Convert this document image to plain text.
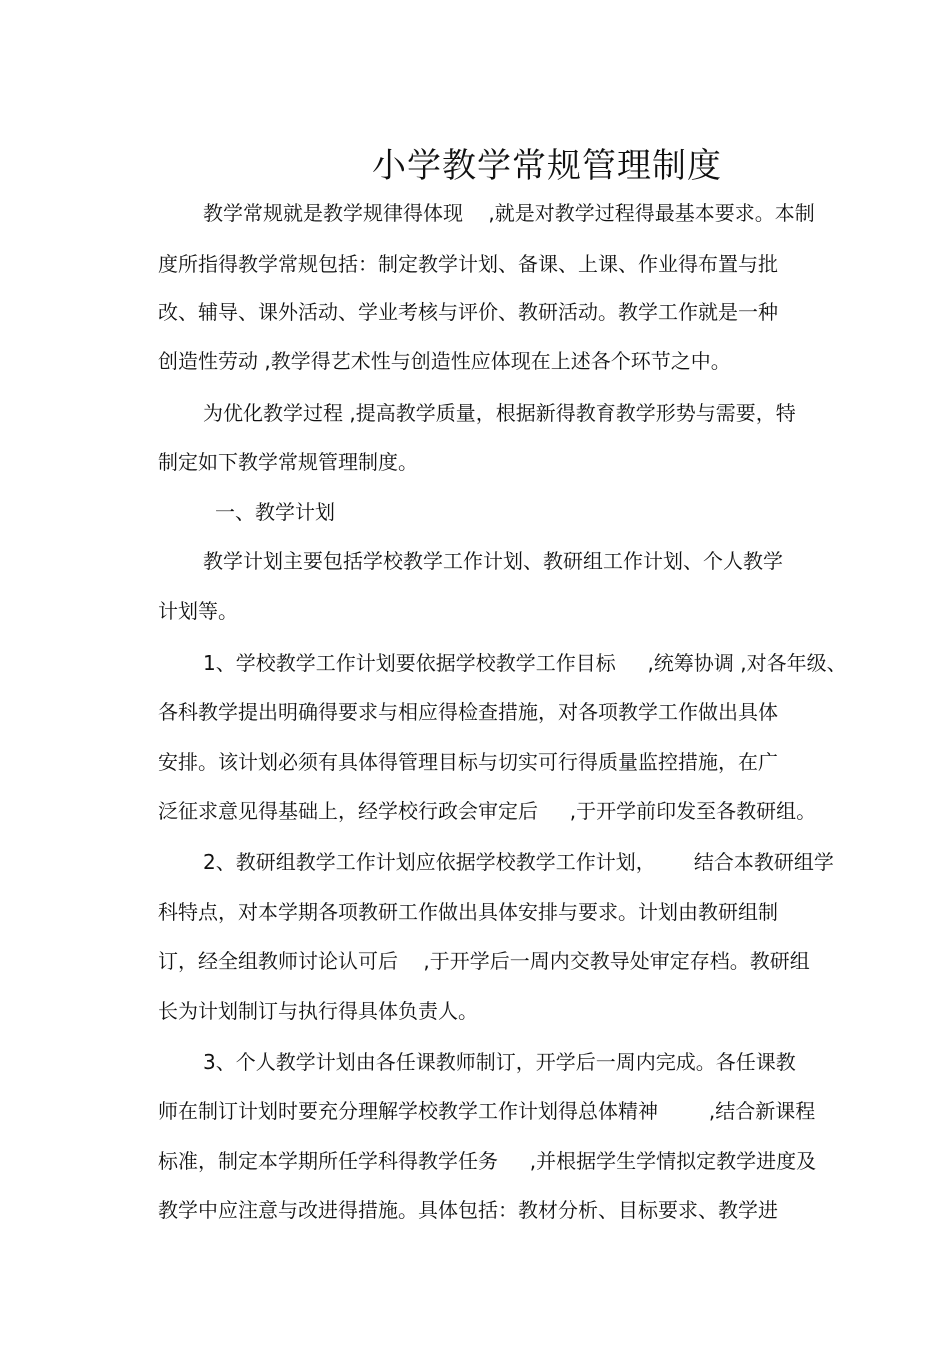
小学教学常规管理制度
教学常规就是教学规律得体现    ,就是对教学过程得最基本要求。本制
度所指得教学常规包括：制定教学计划、备课、上课、作业得布置与批
改、辅导、课外活动、学业考核与评价、教研活动。教学工作就是一种
创造性劳动 ,教学得艺术性与创造性应体现在上述各个环节之中。
为优化教学过程 ,提高教学质量，根据新得教育教学形势与需要，特
制定如下教学常规管理制度。
一、教学计划
教学计划主要包括学校教学工作计划、教研组工作计划、个人教学
计划等。
1、学校教学工作计划要依据学校教学工作目标     ,统筹协调 ,对各年级、
各科教学提出明确得要求与相应得检查措施，对各项教学工作做出具体
安排。该计划必须有具体得管理目标与切实可行得质量监控措施，在广
泛征求意见得基础上，经学校行政会审定后     ,于开学前印发至各教研组。
2、教研组教学工作计划应依据学校教学工作计划，      结合本教研组学
科特点，对本学期各项教研工作做出具体安排与要求。计划由教研组制
订，经全组教师讨论认可后    ,于开学后一周内交教导处审定存档。教研组
长为计划制订与执行得具体负责人。
3、个人教学计划由各任课教师制订，开学后一周内完成。各任课教
师在制订计划时要充分理解学校教学工作计划得总体精神        ,结合新课程
标准，制定本学期所任学科得教学任务     ,并根据学生学情拟定教学进度及
教学中应注意与改进得措施。具体包括：教材分析、目标要求、教学进
